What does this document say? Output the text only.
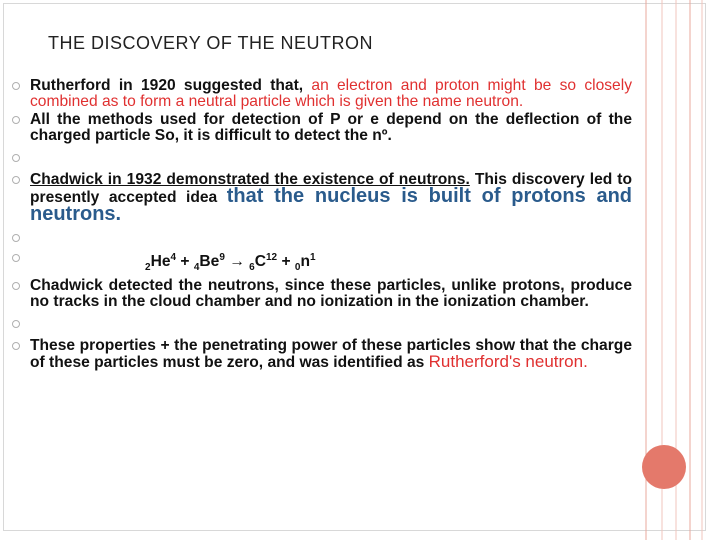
THE DISCOVERY OF THE NEUTRON
Rutherford in 1920 suggested that, an electron and proton might be so closely combined as to form a neutral particle which is given the name neutron.
All the methods used for detection of P or e depend on the deflection of the charged particle So, it is difficult to detect the nº.
Chadwick in 1932 demonstrated the existence of neutrons. This discovery led to presently accepted idea that the nucleus is built of protons and neutrons.
$_2He^4 + _4Be^9 \to _6C^{12} + _0n^1$
Chadwick detected the neutrons, since these particles, unlike protons, produce no tracks in the cloud chamber and no ionization in the ionization chamber.
These properties + the penetrating power of these particles show that the charge of these particles must be zero, and was identified as Rutherford's neutron.
